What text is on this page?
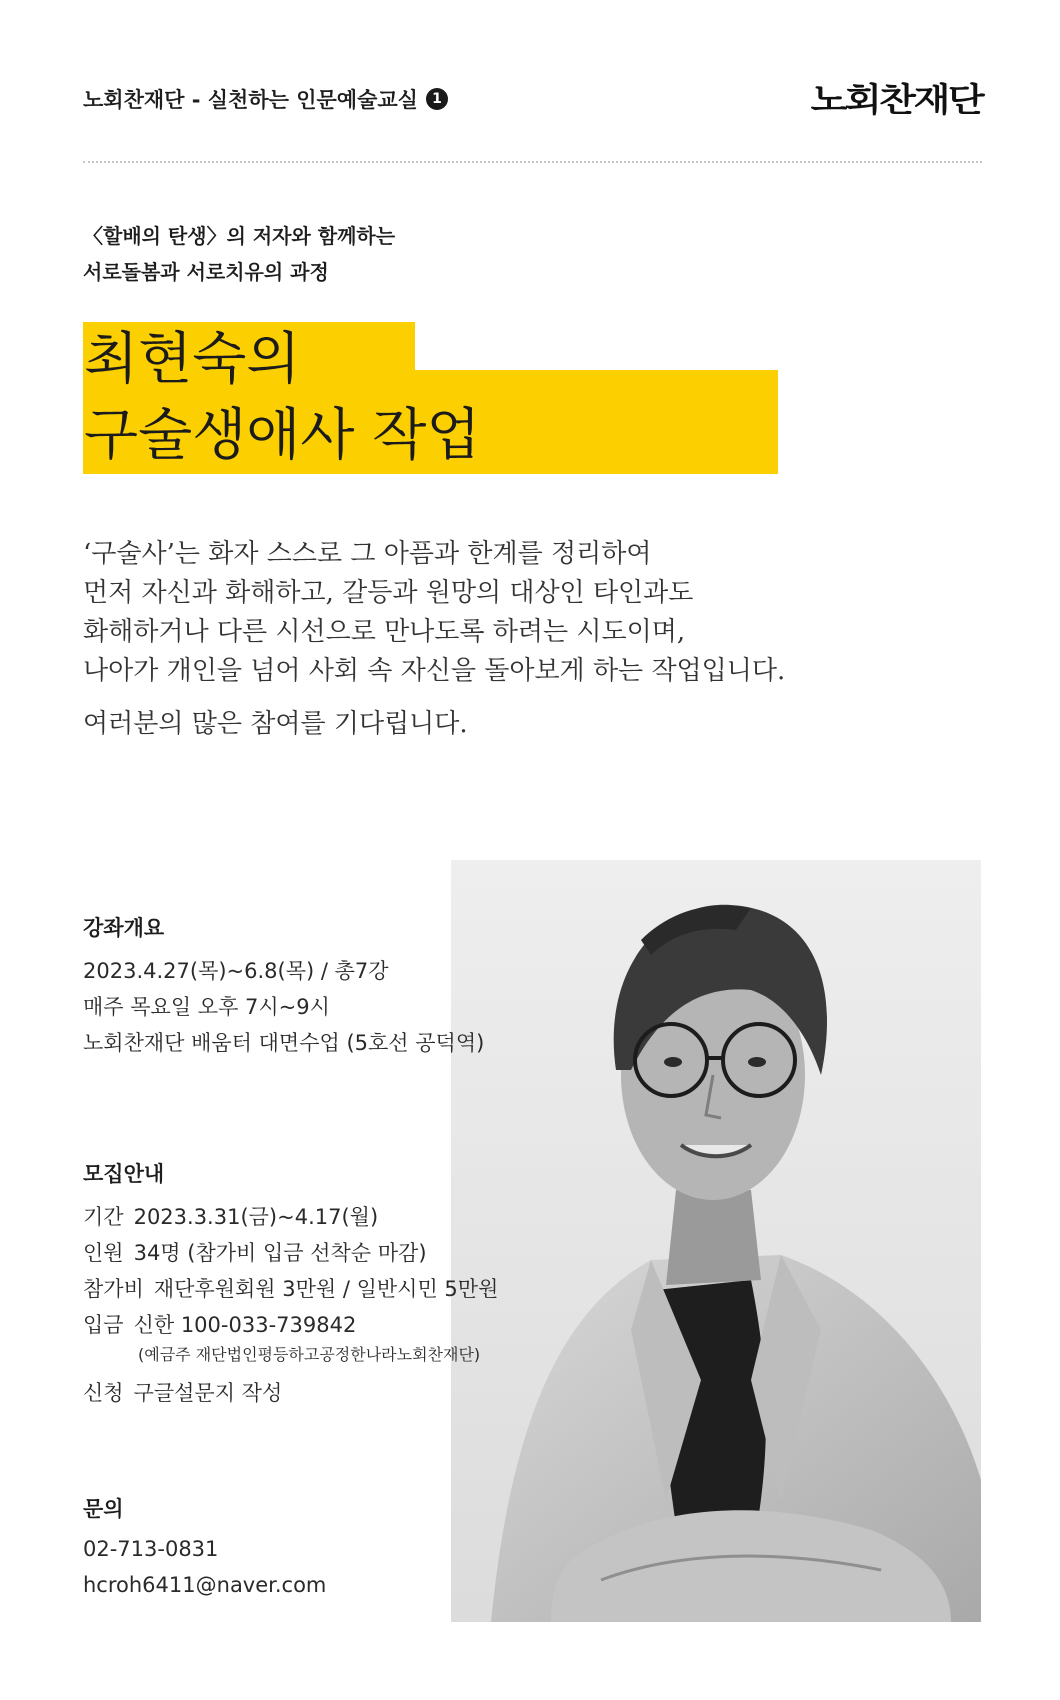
노회찬재단 - 실천하는 인문예술교실	1	노회찬재단
〈할배의 탄생〉의 저자와 함께하는
서로돌봄과 서로치유의 과정
최현숙의
구술생애사 작업

‘구술사’는 화자 스스로 그 아픔과 한계를 정리하여

먼저 자신과 화해하고, 갈등과 원망의 대상인 타인과도

화해하거나 다른 시선으로 만나도록 하려는 시도이며,

나아가 개인을 넘어 사회 속 자신을 돌아보게 하는 작업입니다.

여러분의 많은 참여를 기다립니다.

강좌개요
2023.4.27(목)~6.8(목) / 총7강
매주 목요일 오후 7시~9시
노회찬재단 배움터 대면수업 (5호선 공덕역)
모집안내
기간 2023.3.31(금)~4.17(월)
인원 34명 (참가비 입금 선착순 마감)
참가비 재단후원회원 3만원 / 일반시민 5만원
입금 신한 100-033-739842
(예금주 재단법인평등하고공정한나라노회찬재단)
신청 구글설문지 작성
문의
02-713-0831
hcroh6411@naver.com
